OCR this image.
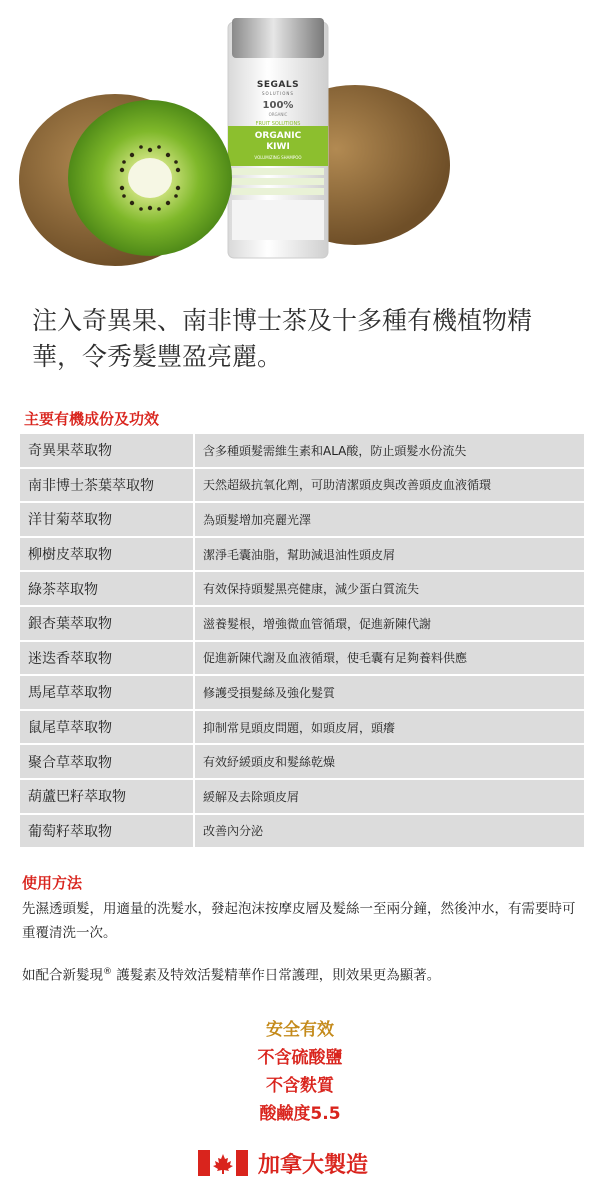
SEGALS
SOLUTIONS
100%
ORGANIC
FRUIT SOLUTIONS
ORGANIC
KIWI
VOLUMIZING SHAMPOO
注入奇異果、南非博士茶及十多種有機植物精華，令秀髮豐盈亮麗。
主要有機成份及功效
奇異果萃取物	含多種頭髮需維生素和ALA酸，防止頭髮水份流失
南非博士茶葉萃取物	天然超級抗氧化劑，可助清潔頭皮與改善頭皮血液循環
洋甘菊萃取物	為頭髮增加亮麗光澤
柳樹皮萃取物	潔淨毛囊油脂，幫助減退油性頭皮屑
綠茶萃取物	有效保持頭髮黑亮健康，減少蛋白質流失
銀杏葉萃取物	滋養髮根，增強微血管循環，促進新陳代謝
迷迭香萃取物	促進新陳代謝及血液循環，使毛囊有足夠養料供應
馬尾草萃取物	修護受損髮絲及強化髮質
鼠尾草萃取物	抑制常見頭皮問題，如頭皮屑，頭癢
聚合草萃取物	有效紓緩頭皮和髮絲乾燥
葫蘆巴籽萃取物	緩解及去除頭皮屑
葡萄籽萃取物	改善內分泌
使用方法
先濕透頭髮，用適量的洗髮水，發起泡沫按摩皮層及髮絲一至兩分鐘，然後沖水，有需要時可重覆清洗一次。
如配合新髮現® 護髮素及特效活髮精華作日常護理，則效果更為顯著。
安全有效
不含硫酸鹽
不含麩質
酸鹼度5.5
加拿大製造
